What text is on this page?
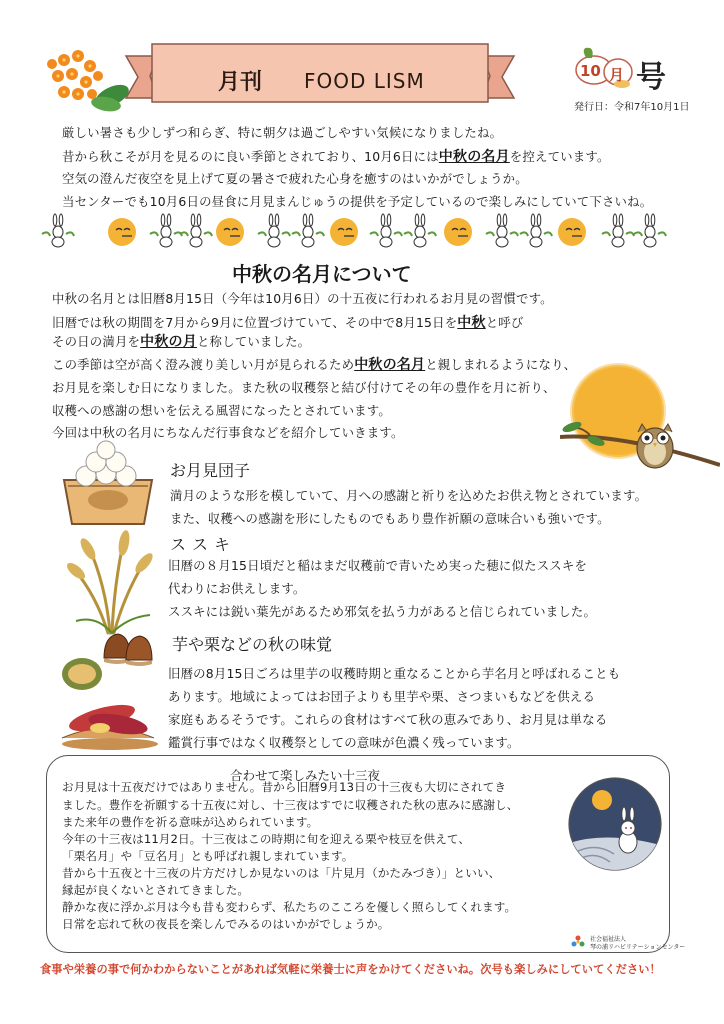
月刊 FOOD LISM	10 月 号
発行日：令和7年10月1日
厳しい暑さも少しずつ和らぎ、特に朝夕は過ごしやすい気候になりましたね。
昔から秋こそが月を見るのに良い季節とされており、10月6日には中秋の名月を控えています。
空気の澄んだ夜空を見上げて夏の暑さで疲れた心身を癒すのはいかがでしょうか。
当センターでも10月6日の昼食に月見まんじゅうの提供を予定しているので楽しみにしていて下さいね。
中秋の名月について
中秋の名月とは旧暦8月15日（今年は10月6日）の十五夜に行われるお月見の習慣です。
旧暦では秋の期間を7月から9月に位置づけていて、その中で8月15日を中秋と呼び
その日の満月を中秋の月と称していました。
この季節は空が高く澄み渡り美しい月が見られるため中秋の名月と親しまれるようになり、
お月見を楽しむ日になりました。また秋の収穫祭と結び付けてその年の豊作を月に祈り、
収穫への感謝の想いを伝える風習になったとされています。
今回は中秋の名月にちなんだ行事食などを紹介していきます。
お月見団子
満月のような形を模していて、月への感謝と祈りを込めたお供え物とされています。
また、収穫への感謝を形にしたものでもあり豊作祈願の意味合いも強いです。
ススキ
旧暦の８月15日頃だと稲はまだ収穫前で青いため実った穂に似たススキを
代わりにお供えします。
ススキには鋭い葉先があるため邪気を払う力があると信じられていました。
芋や栗などの秋の味覚
旧暦の8月15日ごろは里芋の収穫時期と重なることから芋名月と呼ばれることも
あります。地域によってはお団子よりも里芋や栗、さつまいもなどを供える
家庭もあるそうです。これらの食材はすべて秋の恵みであり、お月見は単なる
鑑賞行事ではなく収穫祭としての意味が色濃く残っています。
合わせて楽しみたい十三夜
お月見は十五夜だけではありません。昔から旧暦9月13日の十三夜も大切にされてき
ました。豊作を祈願する十五夜に対し、十三夜はすでに収穫された秋の恵みに感謝し、
また来年の豊作を祈る意味が込められています。
今年の十三夜は11月2日。十三夜はこの時期に旬を迎える栗や枝豆を供えて、
「栗名月」や「豆名月」とも呼ばれ親しまれています。
昔から十五夜と十三夜の片方だけしか見ないのは「片見月（かたみづき）」といい、
縁起が良くないとされてきました。
静かな夜に浮かぶ月は今も昔も変わらず、私たちのこころを優しく照らしてくれます。
日常を忘れて秋の夜長を楽しんでみるのはいかがでしょうか。
社会福祉法人
琴の浦リハビリテーションセンター
食事や栄養の事で何かわからないことがあれば気軽に栄養士に声をかけてくださいね。次号も楽しみにしていてください！
